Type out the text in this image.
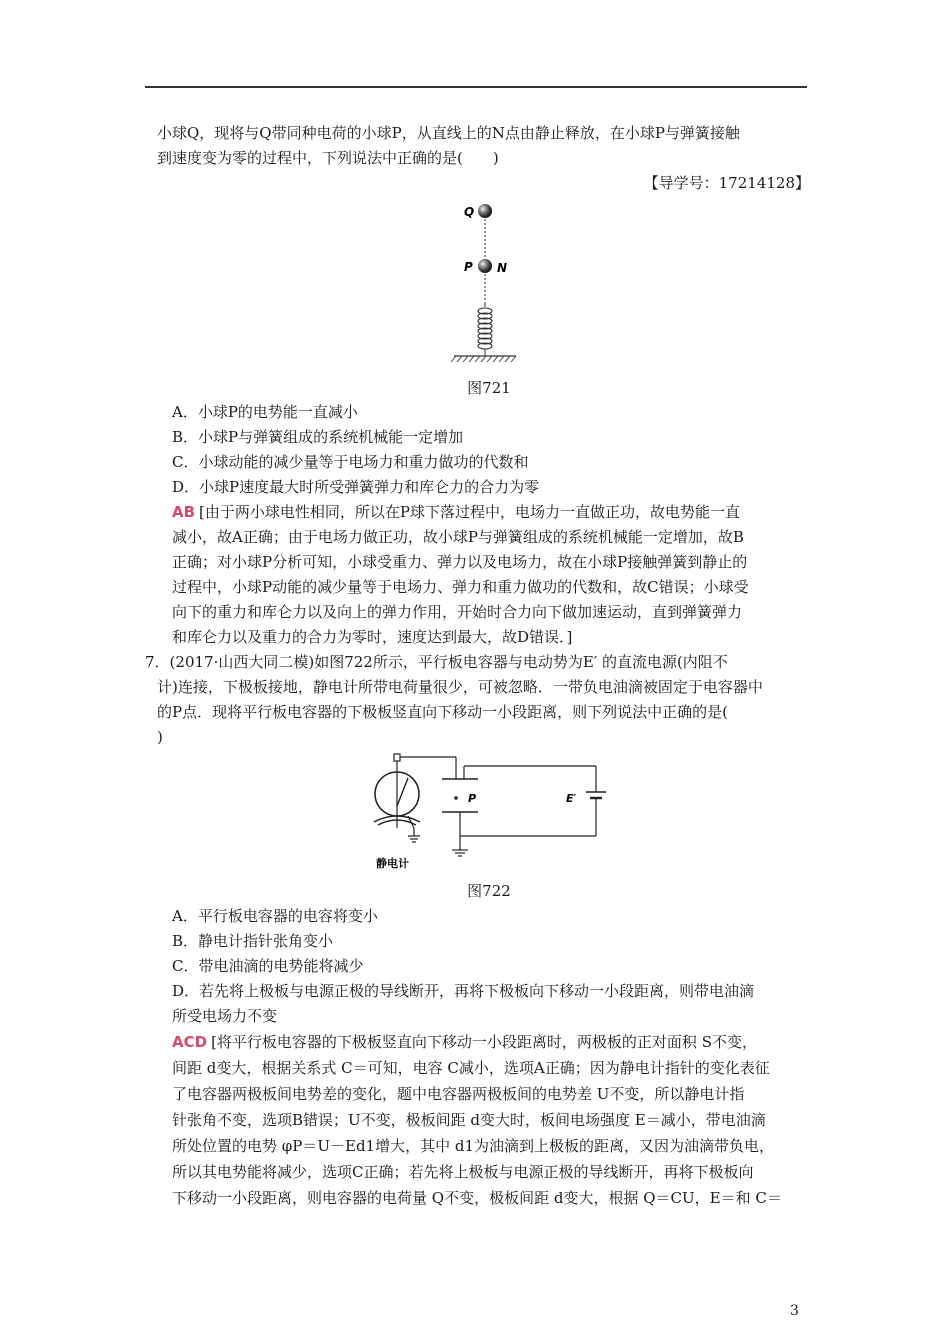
小球Q，现将与Q带同种电荷的小球P，从直线上的N点由静止释放，在小球P与弹簧接触
到速度变为零的过程中，下列说法中正确的是(　　)
【导学号：17214128】
Q
P N
图721
A．小球P的电势能一直减小
B．小球P与弹簧组成的系统机械能一定增加
C．小球动能的减少量等于电场力和重力做功的代数和
D．小球P速度最大时所受弹簧弹力和库仑力的合力为零
AB [由于两小球电性相同，所以在P球下落过程中，电场力一直做正功，故电势能一直
减小，故A正确；由于电场力做正功，故小球P与弹簧组成的系统机械能一定增加，故B
正确；对小球P分析可知，小球受重力、弹力以及电场力，故在小球P接触弹簧到静止的
过程中，小球P动能的减少量等于电场力、弹力和重力做功的代数和，故C错误；小球受
向下的重力和库仑力以及向上的弹力作用，开始时合力向下做加速运动，直到弹簧弹力
和库仑力以及重力的合力为零时，速度达到最大，故D错误．]
7．(2017·山西大同二模)如图722所示，平行板电容器与电动势为E′ 的直流电源(内阻不
计)连接，下极板接地，静电计所带电荷量很少，可被忽略．一带负电油滴被固定于电容器中
的P点．现将平行板电容器的下极板竖直向下移动一小段距离，则下列说法中正确的是(
)
P	E′
静电计
图722
A．平行板电容器的电容将变小
B．静电计指针张角变小
C．带电油滴的电势能将减少
D．若先将上极板与电源正极的导线断开，再将下极板向下移动一小段距离，则带电油滴
所受电场力不变
ACD [将平行板电容器的下极板竖直向下移动一小段距离时，两极板的正对面积 S不变，
间距 d变大，根据关系式 C＝可知，电容 C减小，选项A正确；因为静电计指针的变化表征
了电容器两极板间电势差的变化，题中电容器两极板间的电势差 U不变，所以静电计指
针张角不变，选项B错误；U不变，极板间距 d变大时，板间电场强度 E＝减小，带电油滴
所处位置的电势 φP＝U－Ed1增大，其中 d1为油滴到上极板的距离，又因为油滴带负电，
所以其电势能将减少，选项C正确；若先将上极板与电源正极的导线断开，再将下极板向
下移动一小段距离，则电容器的电荷量 Q不变，极板间距 d变大，根据 Q＝CU，E＝和 C＝
3
